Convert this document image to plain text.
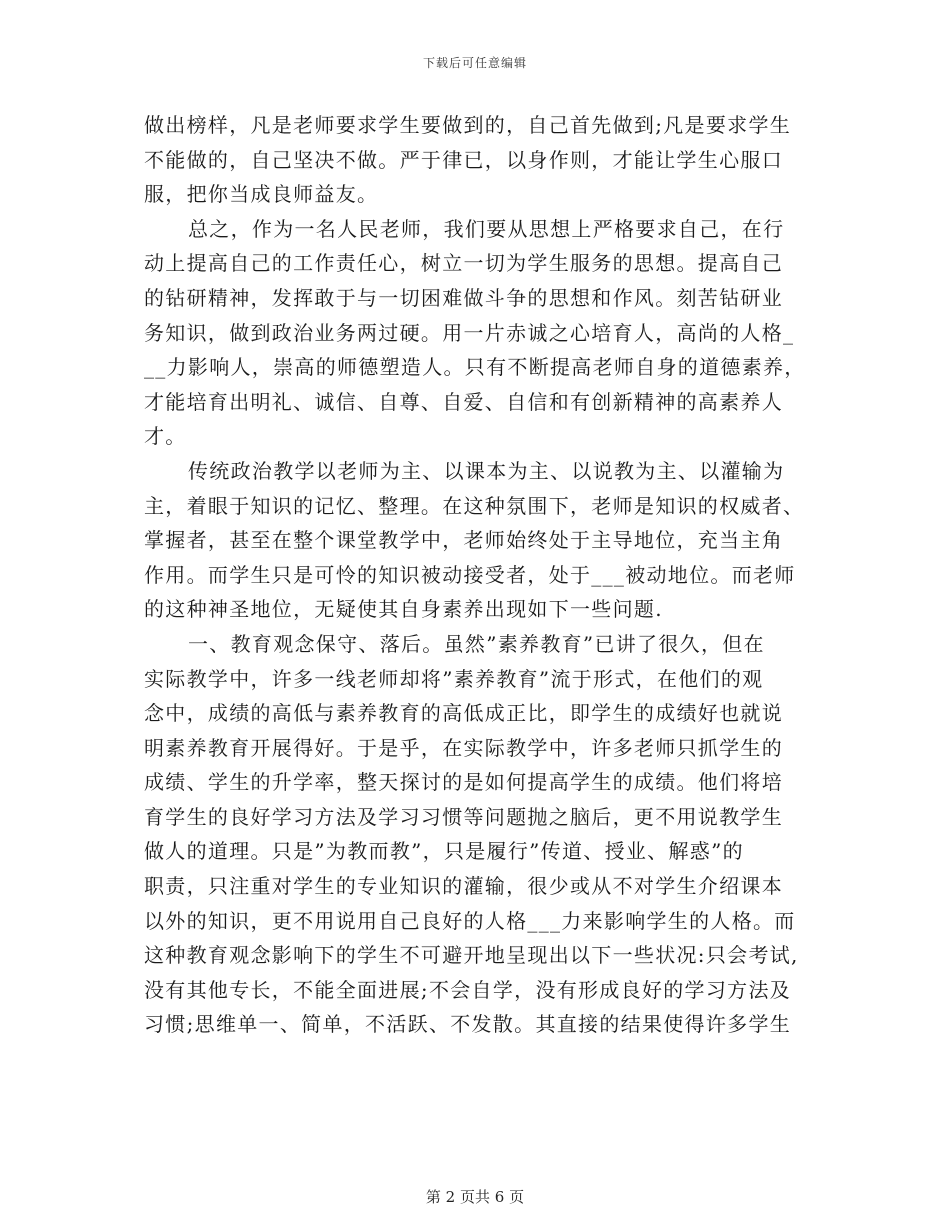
下载后可任意编辑
做出榜样，凡是老师要求学生要做到的，自己首先做到;凡是要求学生
不能做的，自己坚决不做。严于律已，以身作则，才能让学生心服口
服，把你当成良师益友。
总之，作为一名人民老师，我们要从思想上严格要求自己，在行
动上提高自己的工作责任心，树立一切为学生服务的思想。提高自己
的钻研精神，发挥敢于与一切困难做斗争的思想和作风。刻苦钻研业
务知识，做到政治业务两过硬。用一片赤诚之心培育人，高尚的人格_
__力影响人，崇高的师德塑造人。只有不断提高老师自身的道德素养，
才能培育出明礼、诚信、自尊、自爱、自信和有创新精神的高素养人
才。
传统政治教学以老师为主、以课本为主、以说教为主、以灌输为
主，着眼于知识的记忆、整理。在这种氛围下，老师是知识的权威者、
掌握者，甚至在整个课堂教学中，老师始终处于主导地位，充当主角
作用。而学生只是可怜的知识被动接受者，处于___被动地位。而老师
的这种神圣地位，无疑使其自身素养出现如下一些问题.
一、教育观念保守、落后。虽然”素养教育”已讲了很久，但在
实际教学中，许多一线老师却将”素养教育”流于形式，在他们的观
念中，成绩的高低与素养教育的高低成正比，即学生的成绩好也就说
明素养教育开展得好。于是乎，在实际教学中，许多老师只抓学生的
成绩、学生的升学率，整天探讨的是如何提高学生的成绩。他们将培
育学生的良好学习方法及学习习惯等问题抛之脑后，更不用说教学生
做人的道理。只是”为教而教”，只是履行”传道、授业、解惑”的
职责，只注重对学生的专业知识的灌输，很少或从不对学生介绍课本
以外的知识，更不用说用自己良好的人格___力来影响学生的人格。而
这种教育观念影响下的学生不可避开地呈现出以下一些状况:只会考试,
没有其他专长，不能全面进展;不会自学，没有形成良好的学习方法及
习惯;思维单一、简单，不活跃、不发散。其直接的结果使得许多学生
第 2 页共 6 页
